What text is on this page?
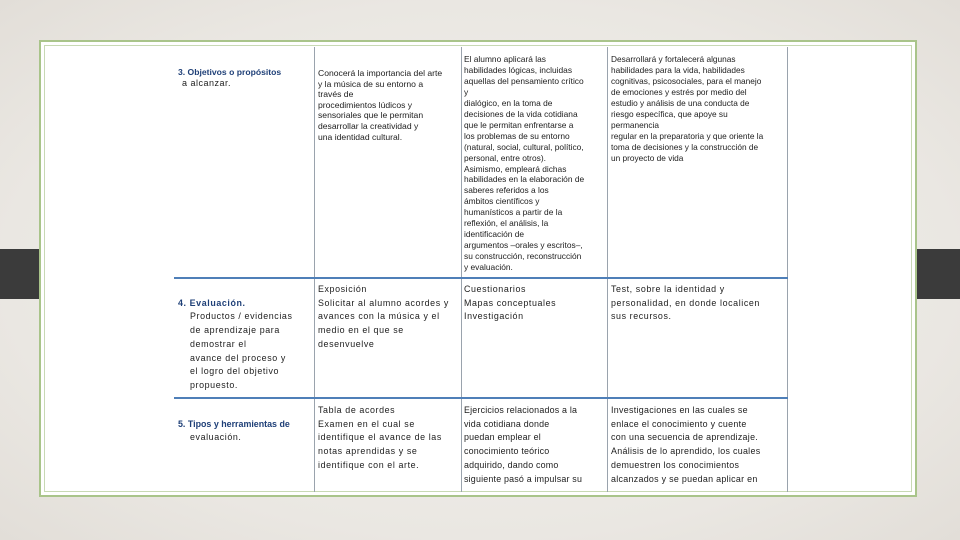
3. Objetivos o propósitos

a alcanzar.

Conocerá la importancia del arte
y la música de su entorno a
través de
procedimientos lúdicos y
sensoriales que le permitan
desarrollar la creatividad y
una identidad cultural.
El alumno aplicará las
habilidades lógicas, incluidas
aquellas del pensamiento crítico
y
dialógico, en la toma de
decisiones de la vida cotidiana
que le permitan enfrentarse a
los problemas de su entorno
(natural, social, cultural, político,
personal, entre otros).
Asimismo, empleará dichas
habilidades en la elaboración de
saberes referidos a los
ámbitos científicos y
humanísticos a partir de la
reflexión, el análisis, la
identificación de
argumentos –orales y escritos–,
su construcción, reconstrucción
y evaluación.
Desarrollará y fortalecerá algunas
habilidades para la vida, habilidades
cognitivas, psicosociales, para el manejo
de emociones y estrés por medio del
estudio y análisis de una conducta de
riesgo específica, que apoye su
permanencia
regular en la preparatoria y que oriente la
toma de decisiones y la construcción de
un proyecto de vida

4. Evaluación.

Productos / evidencias
de aprendizaje para
demostrar el
avance del proceso y
el logro del objetivo
propuesto.

Exposición
Solicitar al alumno acordes y
avances con la música y el
medio en el que se
desenvuelve
Cuestionarios
Mapas conceptuales
Investigación
Test, sobre la identidad y
personalidad, en donde localicen
sus recursos.

5. Tipos y herramientas de

evaluación.

Tabla de acordes
Examen en el cual se
identifique el avance de las
notas aprendidas y se
identifique con el arte.
Ejercicios relacionados a la
vida cotidiana donde
puedan emplear el
conocimiento teórico
adquirido, dando como
siguiente pasó a impulsar su
Investigaciones en las cuales se
enlace el conocimiento y cuente
con una secuencia de aprendizaje.
Análisis de lo aprendido, los cuales
demuestren los conocimientos
alcanzados y se puedan aplicar en
